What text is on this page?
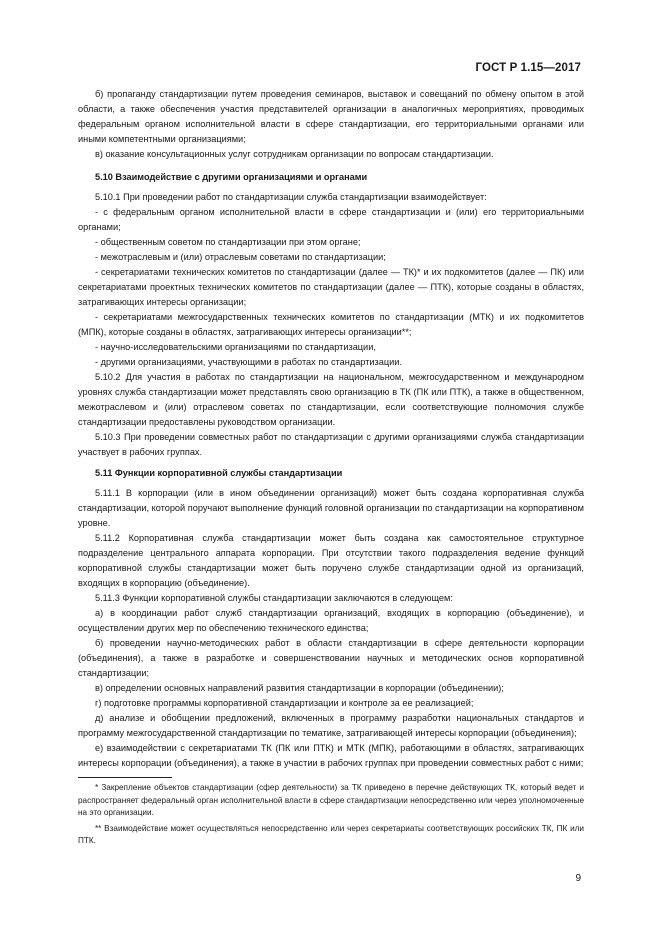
ГОСТ Р 1.15—2017

б) пропаганду стандартизации путем проведения семинаров, выставок и совещаний по обмену опытом в этой области, а также обеспечения участия представителей организации в аналогичных мероприятиях, проводимых федеральным органом исполнительной власти в сфере стандартизации, его территориальными органами или иными компетентными организациями;

в) оказание консультационных услуг сотрудникам организации по вопросам стандартизации.

5.10 Взаимодействие с другими организациями и органами

5.10.1 При проведении работ по стандартизации служба стандартизации взаимодействует:

- с федеральным органом исполнительной власти в сфере стандартизации и (или) его территориальными органами;

- общественным советом по стандартизации при этом органе;

- межотраслевым и (или) отраслевым советами по стандартизации;

- секретариатами технических комитетов по стандартизации (далее — ТК)* и их подкомитетов (далее — ПК) или секретариатами проектных технических комитетов по стандартизации (далее — ПТК), которые созданы в областях, затрагивающих интересы организации;

- секретариатами межгосударственных технических комитетов по стандартизации (МТК) и их подкомитетов (МПК), которые созданы в областях, затрагивающих интересы организации**;

- научно-исследовательскими организациями по стандартизации,

- другими организациями, участвующими в работах по стандартизации.

5.10.2 Для участия в работах по стандартизации на национальном, межгосударственном и международном уровнях служба стандартизации может представлять свою организацию в ТК (ПК или ПТК), а также в общественном, межотраслевом и (или) отраслевом советах по стандартизации, если соответствующие полномочия службе стандартизации предоставлены руководством организации.

5.10.3 При проведении совместных работ по стандартизации с другими организациями служба стандартизации участвует в рабочих группах.

5.11 Функции корпоративной службы стандартизации

5.11.1 В корпорации (или в ином объединении организаций) может быть создана корпоративная служба стандартизации, которой поручают выполнение функций головной организации по стандартизации на корпоративном уровне.

5.11.2 Корпоративная служба стандартизации может быть создана как самостоятельное структурное подразделение центрального аппарата корпорации. При отсутствии такого подразделения ведение функций корпоративной службы стандартизации может быть поручено службе стандартизации одной из организаций, входящих в корпорацию (объединение).

5.11.3 Функции корпоративной службы стандартизации заключаются в следующем:

а) в координации работ служб стандартизации организаций, входящих в корпорацию (объединение), и осуществлении других мер по обеспечению технического единства;

б) проведении научно-методических работ в области стандартизации в сфере деятельности корпорации (объединения), а также в разработке и совершенствовании научных и методических основ корпоративной стандартизации;

в) определении основных направлений развития стандартизации в корпорации (объединении);

г) подготовке программы корпоративной стандартизации и контроле за ее реализацией;

д) анализе и обобщении предложений, включенных в программу разработки национальных стандартов и программу межгосударственной стандартизации по тематике, затрагивающей интересы корпорации (объединения);

е) взаимодействии с секретариатами ТК (ПК или ПТК) и МТК (МПК), работающими в областях, затрагивающих интересы корпорации (объединения), а также в участии в рабочих группах при проведении совместных работ с ними;

* Закрепление объектов стандартизации (сфер деятельности) за ТК приведено в перечне действующих ТК, который ведет и распространяет федеральный орган исполнительной власти в сфере стандартизации непосредственно или через уполномоченные на это организации.

** Взаимодействие может осуществляться непосредственно или через секретариаты соответствующих российских ТК, ПК или ПТК.

9
